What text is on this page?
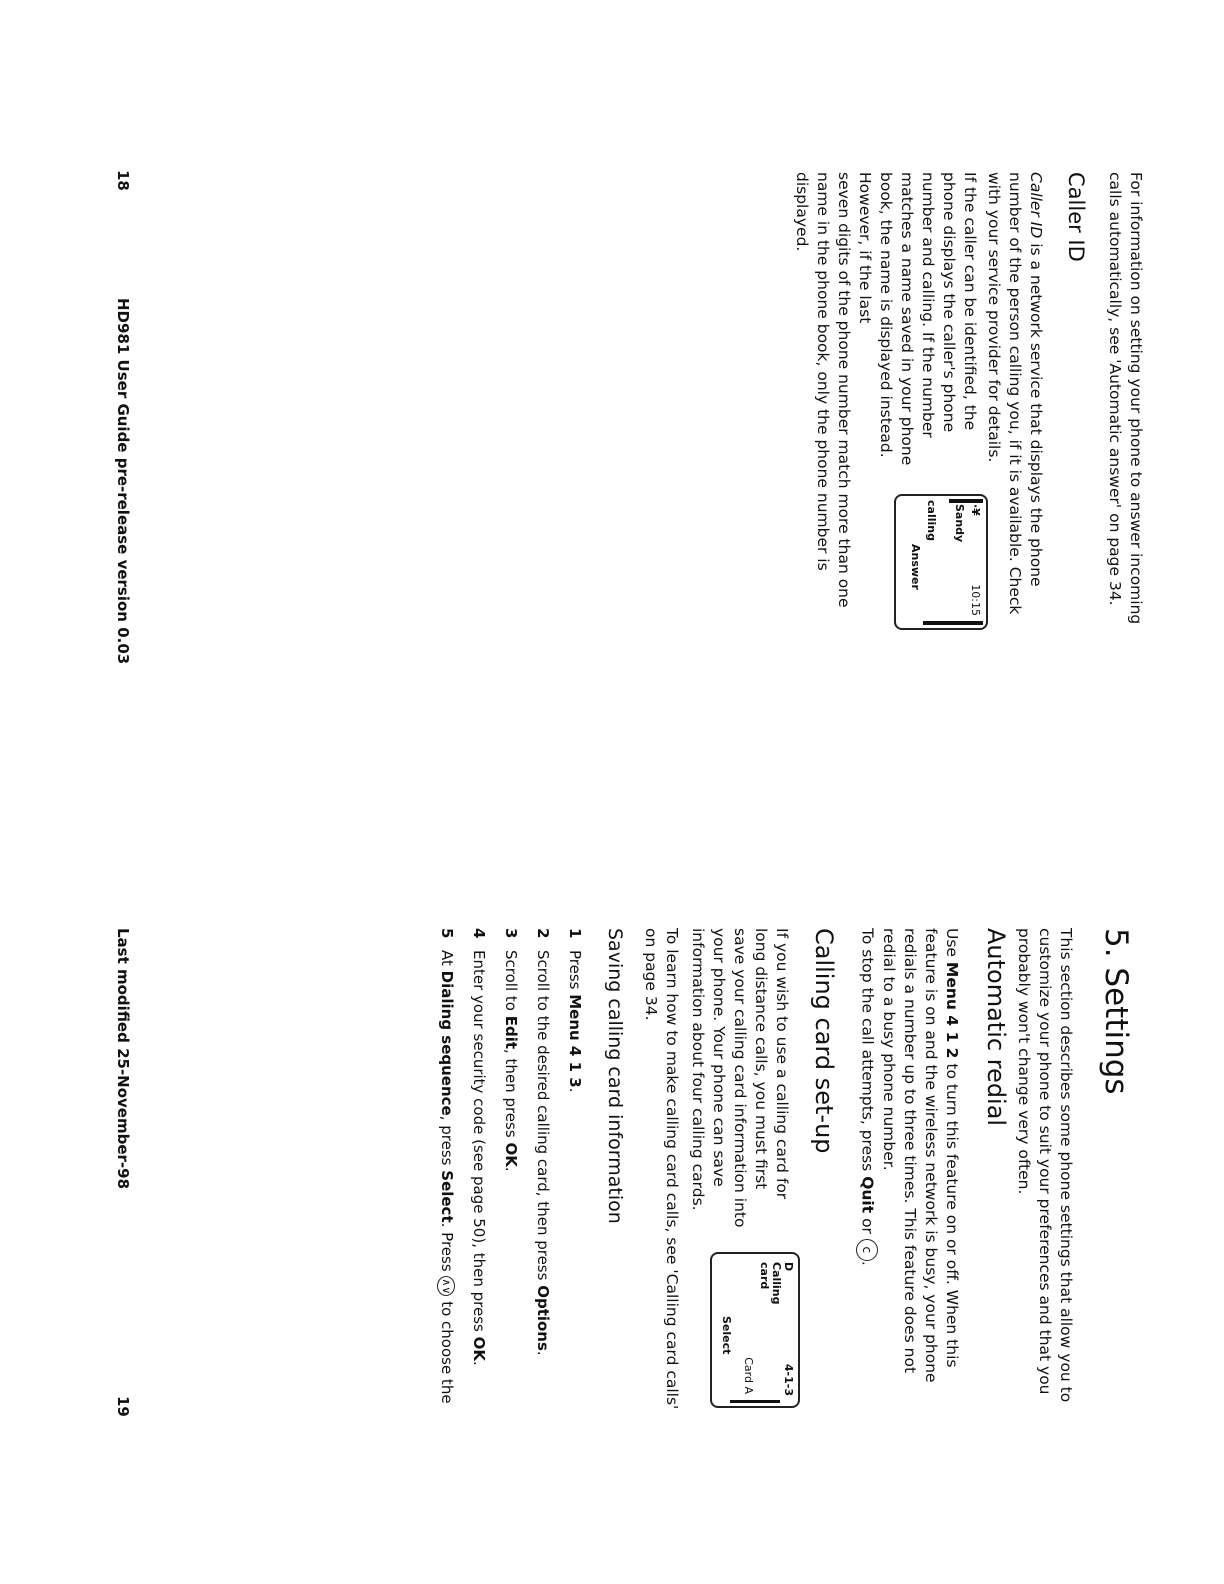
For information on setting your phone to answer incoming calls automatically, see 'Automatic answer' on page 34.

Caller ID

Caller ID is a network service that displays the phone number of the person calling you, if it is available. Check with your service provider for details.

If the caller can be identified, the phone displays the caller's phone number and calling. If the number matches a name saved in your phone book, the name is displayed instead. However, if the last

·¥
10:15
Sandy
calling
Answer

seven digits of the phone number match more than one name in the phone book, only the phone number is displayed.

18
HD981 User Guide pre-release version 0.03
5. Settings

This section describes some phone settings that allow you to customize your phone to suit your preferences and that you probably won't change very often.

Automatic redial

Use Menu 4 1 2 to turn this feature on or off. When this feature is on and the wireless network is busy, your phone redials a number up to three times. This feature does not redial to a busy phone number.

To stop the call attempts, press Quit or c.

Calling card set-up

If you wish to use a calling card for long distance calls, you must first save your calling card information into your phone. Your phone can save information about four calling cards.

D
4-1-3
Calling card
Card A
Select

To learn how to make calling card calls, see 'Calling card calls' on page 34.

Saving calling card information
1
Press Menu 4 1 3.
2
Scroll to the desired calling card, then press Options.
3
Scroll to Edit, then press OK.
4
Enter your security code (see page 50), then press OK.
5
At Dialing sequence, press Select. Press ∧∨ to choose the
Last modified 25-November-98
19
